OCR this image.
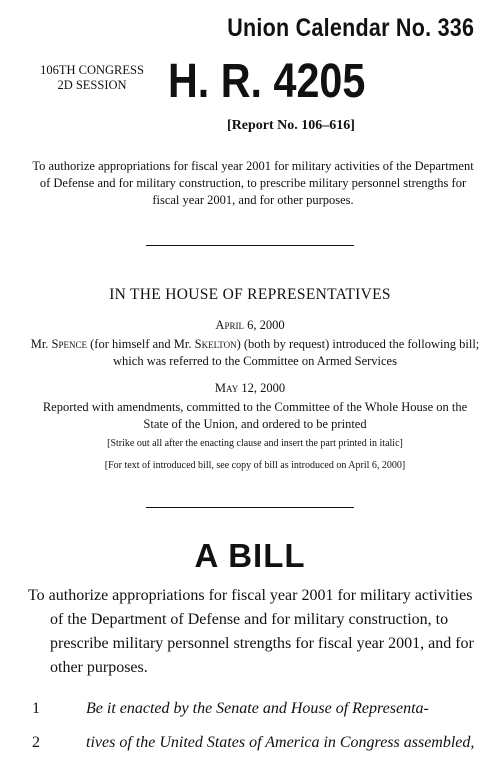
Union Calendar No. 336
106TH CONGRESS
2D SESSION H. R. 4205
[Report No. 106–616]
To authorize appropriations for fiscal year 2001 for military activities of the Department of Defense and for military construction, to prescribe military personnel strengths for fiscal year 2001, and for other purposes.
IN THE HOUSE OF REPRESENTATIVES
April 6, 2000
Mr. Spence (for himself and Mr. Skelton) (both by request) introduced the following bill; which was referred to the Committee on Armed Services
May 12, 2000
Reported with amendments, committed to the Committee of the Whole House on the State of the Union, and ordered to be printed
[Strike out all after the enacting clause and insert the part printed in italic]
[For text of introduced bill, see copy of bill as introduced on April 6, 2000]
A BILL
To authorize appropriations for fiscal year 2001 for military activities of the Department of Defense and for military construction, to prescribe military personnel strengths for fiscal year 2001, and for other purposes.
1	Be it enacted by the Senate and House of Representa-
2	tives of the United States of America in Congress assembled,
